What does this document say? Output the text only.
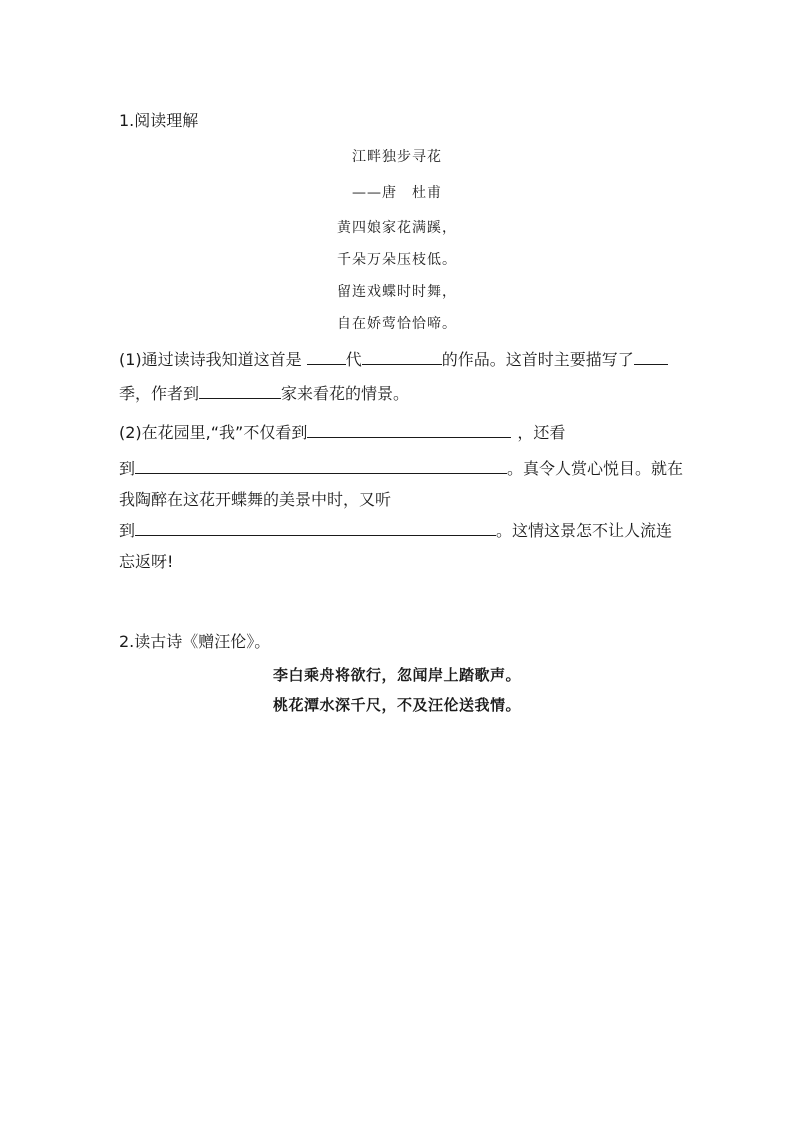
1.阅读理解
江畔独步寻花
——唐　杜甫
黄四娘家花满蹊，
千朵万朵压枝低。
留连戏蝶时时舞，
自在娇莺恰恰啼。
(1)通过读诗我知道这首是 代	的作品。这首时主要描写了
季，作者到	家来看花的情景。
(2)在花园里,“我”不仅看到	，还看
到	。真令人赏心悦目。就在
我陶醉在这花开蝶舞的美景中时，又听
到	。这情这景怎不让人流连
忘返呀!
2.读古诗《赠汪伦》。
李白乘舟将欲行，忽闻岸上踏歌声。
桃花潭水深千尺，不及汪伦送我情。
